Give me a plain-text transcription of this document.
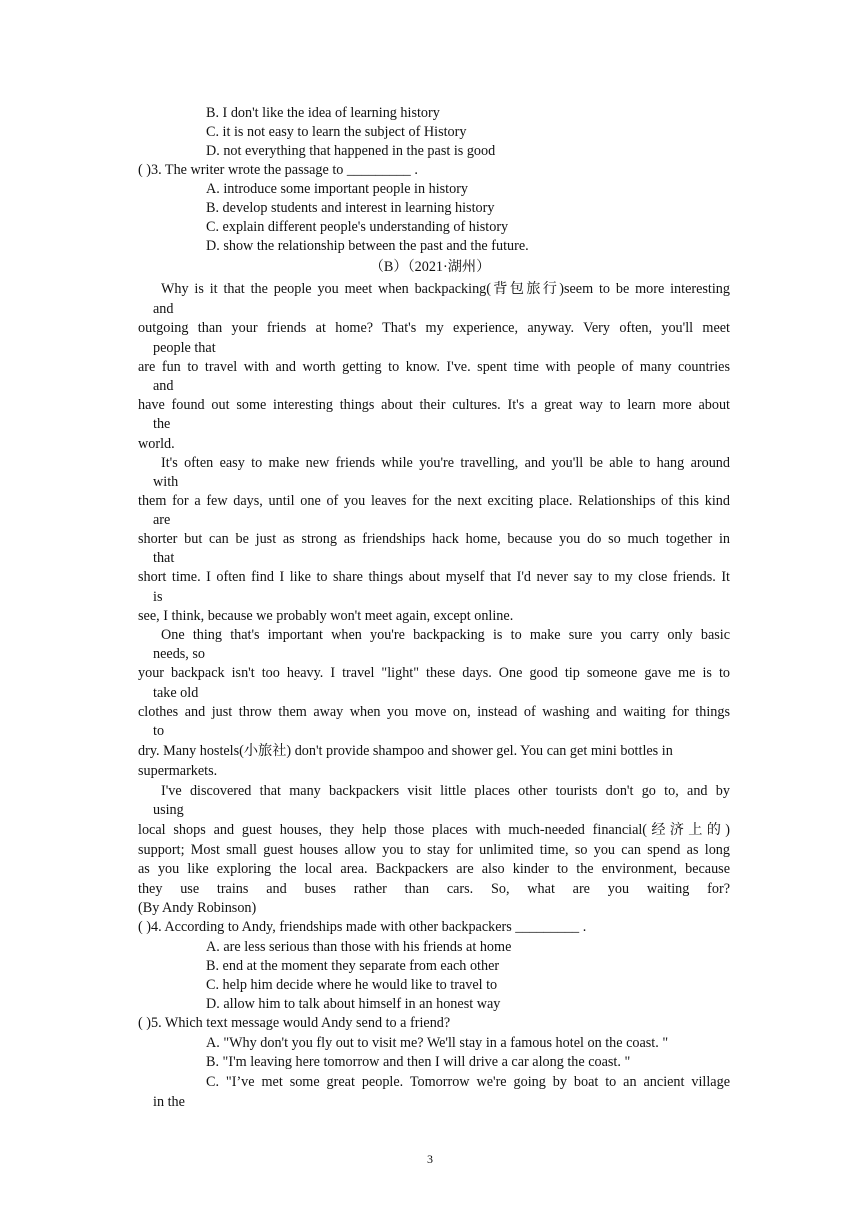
B. I don't like the idea of learning history
C. it is not easy to learn the subject of History
D. not everything that happened in the past is good
( )3. The writer wrote the passage to _________ .
A. introduce some important people in history
B. develop students and interest in learning history
C. explain different people's understanding of history
D. show the relationship between the past and the future.
（B）（2021·湖州）
Why is it that the people you meet when backpacking(背包旅行)seem to be more interesting
and
outgoing than your friends at home? That's my experience, anyway. Very often, you'll meet
people that
are fun to travel with and worth getting to know. I've. spent time with people of many countries
and
have found out some interesting things about their cultures. It's a great way to learn more about
the
world.
It's often easy to make new friends while you're travelling, and you'll be able to hang around
with
them for a few days, until one of you leaves for the next exciting place. Relationships of this kind
are
shorter but can be just as strong as friendships hack home, because you do so much together in
that
short time. I often find I like to share things about myself that I'd never say to my close friends. It
is
see, I think, because we probably won't meet again, except online.
One thing that's important when you're backpacking is to make sure you carry only basic
needs, so
your backpack isn't too heavy. I travel "light" these days. One good tip someone gave me is to
take old
clothes and just throw them away when you move on, instead of washing and waiting for things
to
dry. Many hostels(小旅社) don't provide shampoo and shower gel. You can get mini bottles in
supermarkets.
I've discovered that many backpackers visit little places other tourists don't go to, and by
using
local shops and guest houses, they help those places with much-needed financial(经济上的)
support; Most small guest houses allow you to stay for unlimited time, so you can spend as long
as you like exploring the local area. Backpackers are also kinder to the environment, because
they use trains and buses rather than cars. So, what are you waiting for?
(By Andy Robinson)
( )4. According to Andy, friendships made with other backpackers _________ .
A. are less serious than those with his friends at home
B. end at the moment they separate from each other
C. help him decide where he would like to travel to
D. allow him to talk about himself in an honest way
( )5. Which text message would Andy send to a friend?
A. "Why don't you fly out to visit me? We'll stay in a famous hotel on the coast. "
B. "I'm leaving here tomorrow and then I will drive a car along the coast. "
C. "I’ve met some great people. Tomorrow we're going by boat to an ancient village
in the
3
